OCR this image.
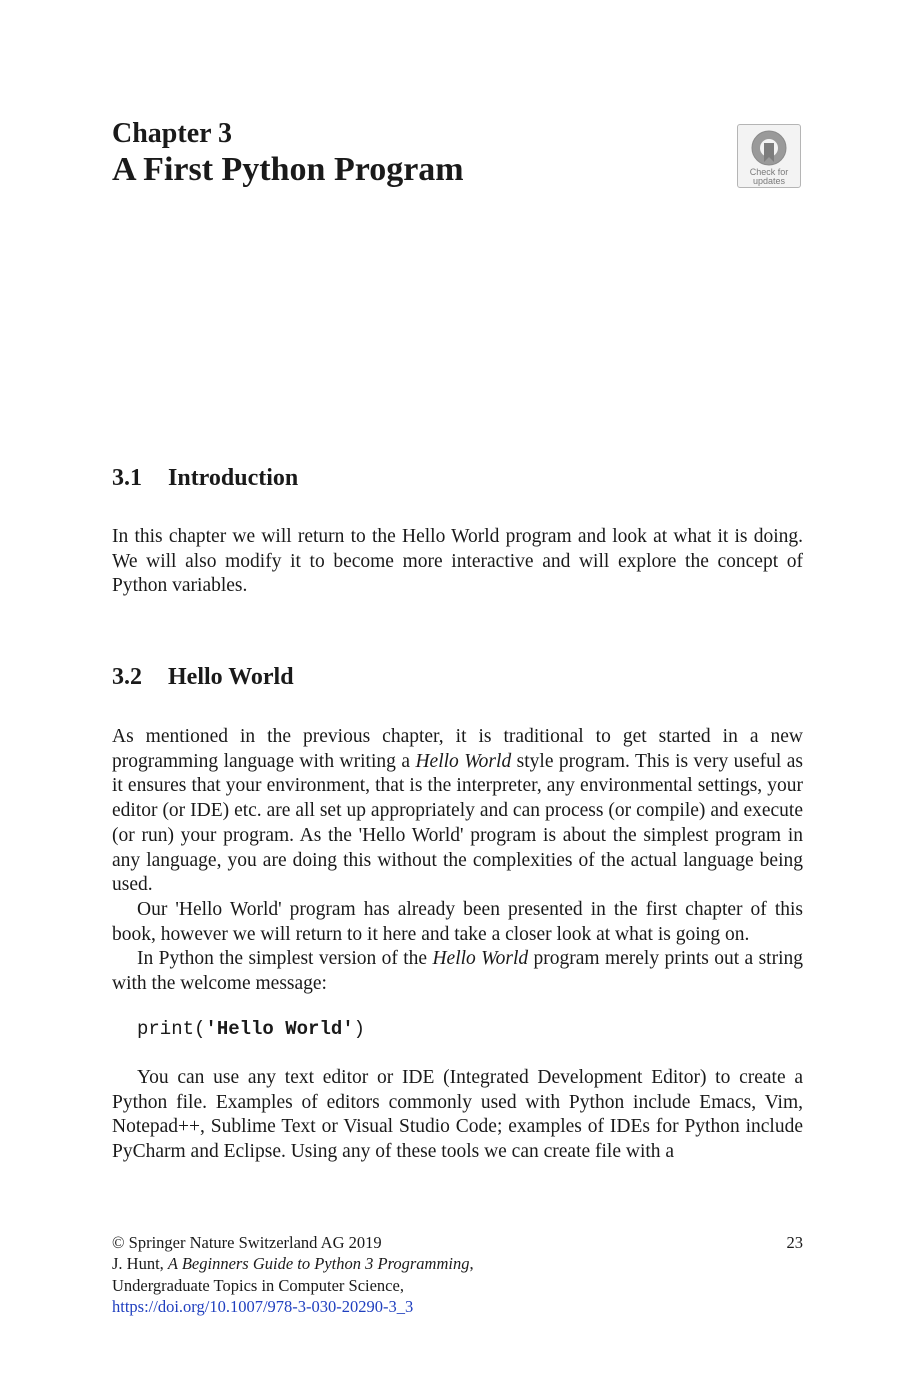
Chapter 3
A First Python Program	Check for
updates
3.1 Introduction

In this chapter we will return to the Hello World program and look at what it is doing. We will also modify it to become more interactive and will explore the concept of Python variables.

3.2 Hello World

As mentioned in the previous chapter, it is traditional to get started in a new programming language with writing a Hello World style program. This is very useful as it ensures that your environment, that is the interpreter, any environmental settings, your editor (or IDE) etc. are all set up appropriately and can process (or compile) and execute (or run) your program. As the 'Hello World' program is about the simplest program in any language, you are doing this without the complexities of the actual language being used.

Our 'Hello World' program has already been presented in the first chapter of this book, however we will return to it here and take a closer look at what is going on.

In Python the simplest version of the Hello World program merely prints out a string with the welcome message:

print('Hello World')

You can use any text editor or IDE (Integrated Development Editor) to create a Python file. Examples of editors commonly used with Python include Emacs, Vim, Notepad++, Sublime Text or Visual Studio Code; examples of IDEs for Python include PyCharm and Eclipse. Using any of these tools we can create file with a

© Springer Nature Switzerland AG 2019
J. Hunt, A Beginners Guide to Python 3 Programming,
Undergraduate Topics in Computer Science,
https://doi.org/10.1007/978-3-030-20290-3_3
23
